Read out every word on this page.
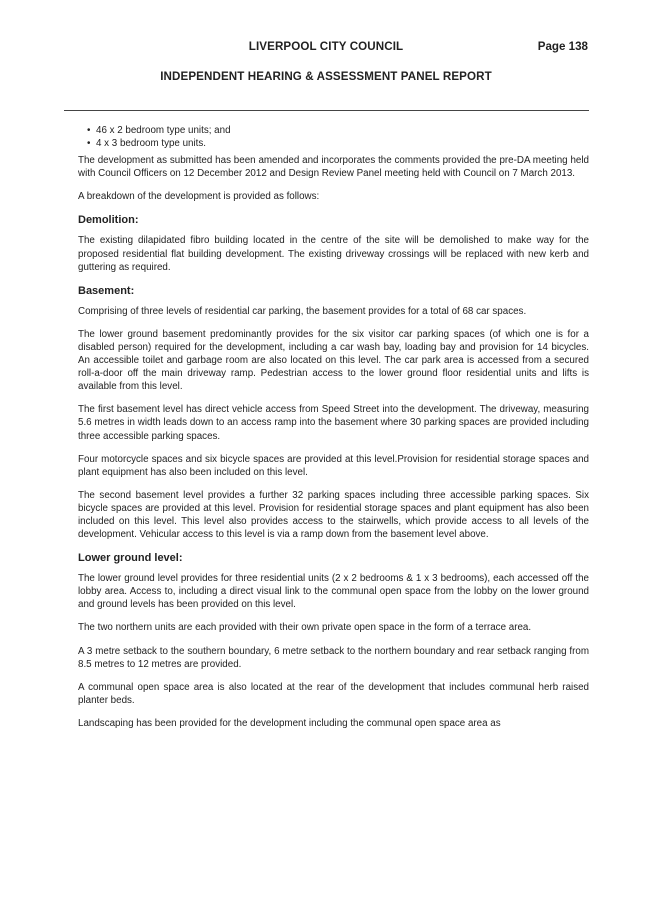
LIVERPOOL CITY COUNCIL	Page 138
INDEPENDENT HEARING & ASSESSMENT PANEL REPORT
• 46 x 2 bedroom type units; and
• 4 x 3 bedroom type units.

The development as submitted has been amended and incorporates the comments provided the pre-DA meeting held with Council Officers on 12 December 2012 and Design Review Panel meeting held with Council on 7 March 2013.

A breakdown of the development is provided as follows:

Demolition:

The existing dilapidated fibro building located in the centre of the site will be demolished to make way for the proposed residential flat building development. The existing driveway crossings will be replaced with new kerb and guttering as required.

Basement:

Comprising of three levels of residential car parking, the basement provides for a total of 68 car spaces.

The lower ground basement predominantly provides for the six visitor car parking spaces (of which one is for a disabled person) required for the development, including a car wash bay, loading bay and provision for 14 bicycles. An accessible toilet and garbage room are also located on this level. The car park area is accessed from a secured roll-a-door off the main driveway ramp. Pedestrian access to the lower ground floor residential units and lifts is available from this level.

The first basement level has direct vehicle access from Speed Street into the development. The driveway, measuring 5.6 metres in width leads down to an access ramp into the basement where 30 parking spaces are provided including three accessible parking spaces.

Four motorcycle spaces and six bicycle spaces are provided at this level.Provision for residential storage spaces and plant equipment has also been included on this level.

The second basement level provides a further 32 parking spaces including three accessible parking spaces. Six bicycle spaces are provided at this level. Provision for residential storage spaces and plant equipment has also been included on this level. This level also provides access to the stairwells, which provide access to all levels of the development. Vehicular access to this level is via a ramp down from the basement level above.

Lower ground level:

The lower ground level provides for three residential units (2 x 2 bedrooms & 1 x 3 bedrooms), each accessed off the lobby area. Access to, including a direct visual link to the communal open space from the lobby on the lower ground and ground levels has been provided on this level.

The two northern units are each provided with their own private open space in the form of a terrace area.

A 3 metre setback to the southern boundary, 6 metre setback to the northern boundary and rear setback ranging from 8.5 metres to 12 metres are provided.

A communal open space area is also located at the rear of the development that includes communal herb raised planter beds.

Landscaping has been provided for the development including the communal open space area as
